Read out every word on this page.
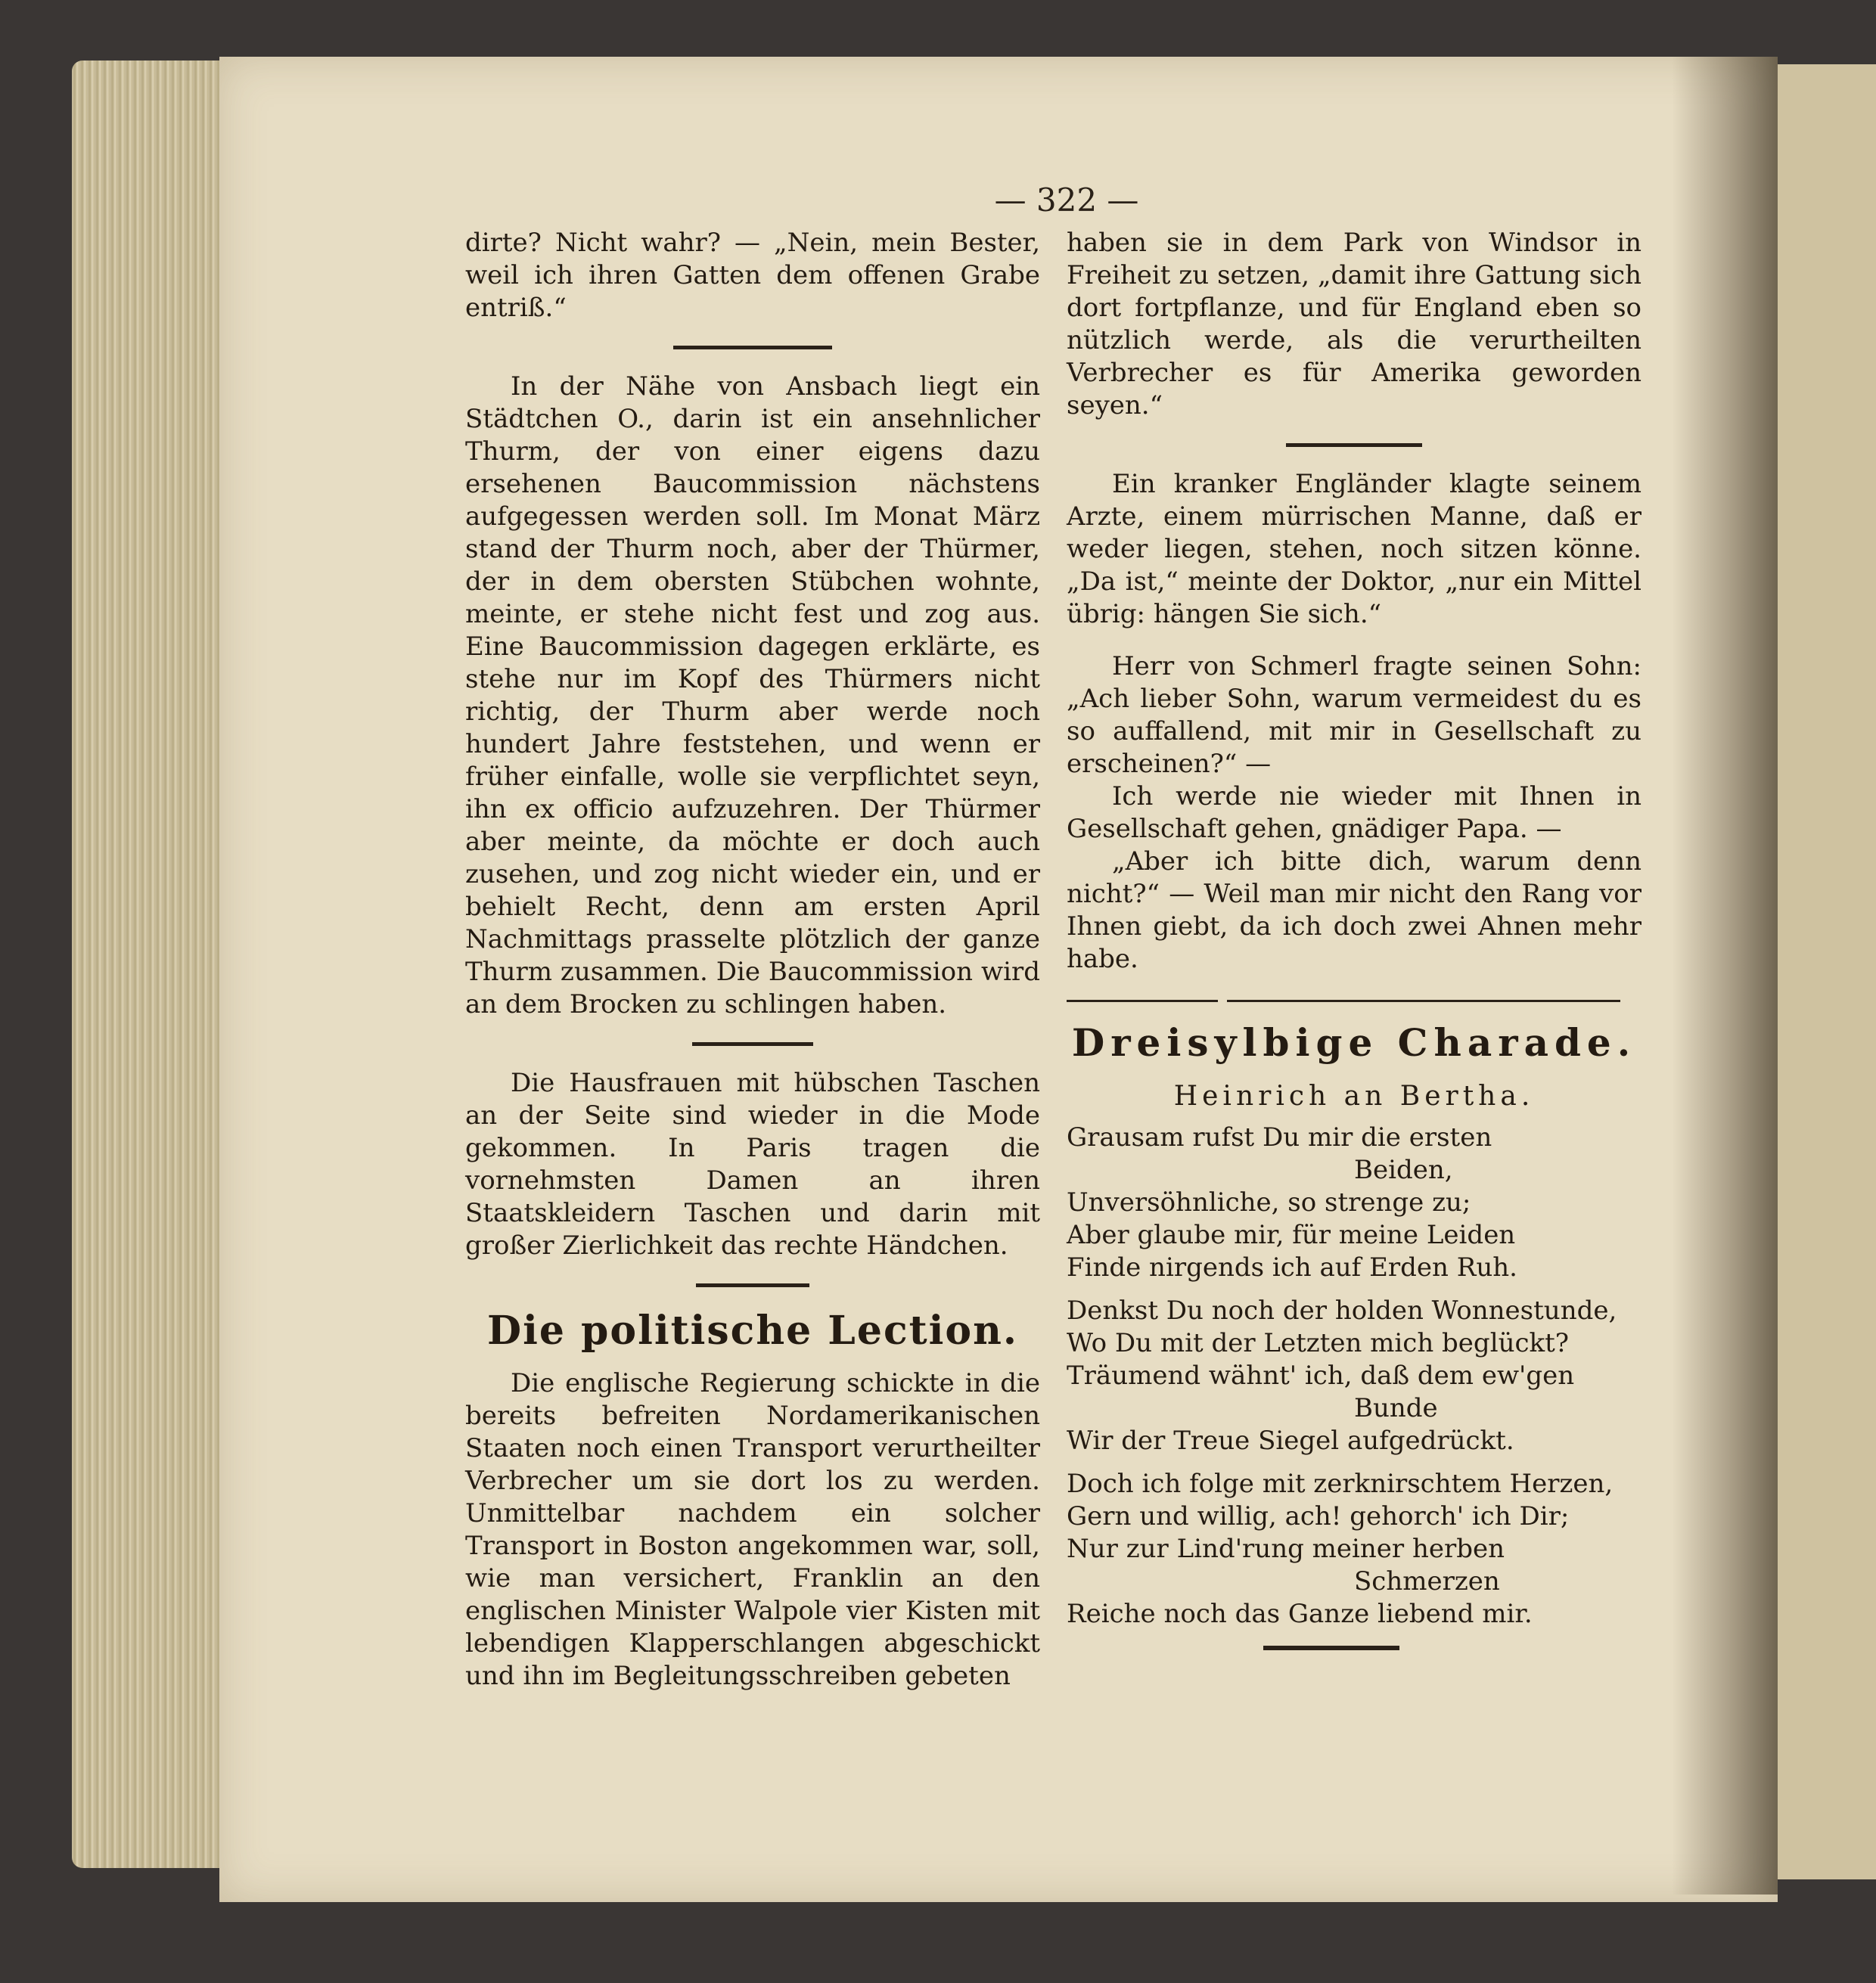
— 322 —

dirte? Nicht wahr? — „Nein, mein Bester, weil ich ihren Gatten dem offenen Grabe entriß.“

In der Nähe von Ansbach liegt ein Städtchen O., darin ist ein ansehnlicher Thurm, der von einer eigens dazu ersehenen Baucommission nächstens aufgegessen werden soll. Im Monat März stand der Thurm noch, aber der Thürmer, der in dem obersten Stübchen wohnte, meinte, er stehe nicht fest und zog aus. Eine Baucommission dagegen erklärte, es stehe nur im Kopf des Thürmers nicht richtig, der Thurm aber werde noch hundert Jahre feststehen, und wenn er früher einfalle, wolle sie verpflichtet seyn, ihn ex officio aufzuzehren. Der Thürmer aber meinte, da möchte er doch auch zusehen, und zog nicht wieder ein, und er behielt Recht, denn am ersten April Nachmittags prasselte plötzlich der ganze Thurm zusammen. Die Baucommission wird an dem Brocken zu schlingen haben.

Die Hausfrauen mit hübschen Taschen an der Seite sind wieder in die Mode gekommen. In Paris tragen die vornehmsten Damen an ihren Staatskleidern Taschen und darin mit großer Zierlichkeit das rechte Händchen.

Die politische Lection.

Die englische Regierung schickte in die bereits befreiten Nordamerikanischen Staaten noch einen Transport verurtheilter Verbrecher um sie dort los zu werden. Unmittelbar nachdem ein solcher Transport in Boston angekommen war, soll, wie man versichert, Franklin an den englischen Minister Walpole vier Kisten mit lebendigen Klapperschlangen abgeschickt und ihn im Begleitungsschreiben gebeten

haben sie in dem Park von Windsor in Freiheit zu setzen, „damit ihre Gattung sich dort fortpflanze, und für England eben so nützlich werde, als die verurtheilten Verbrecher es für Amerika geworden seyen.“

Ein kranker Engländer klagte seinem Arzte, einem mürrischen Manne, daß er weder liegen, stehen, noch sitzen könne. „Da ist,“ meinte der Doktor, „nur ein Mittel übrig: hängen Sie sich.“

Herr von Schmerl fragte seinen Sohn: „Ach lieber Sohn, warum vermeidest du es so auffallend, mit mir in Gesellschaft zu erscheinen?“ —

Ich werde nie wieder mit Ihnen in Gesellschaft gehen, gnädiger Papa. —

„Aber ich bitte dich, warum denn nicht?“ — Weil man mir nicht den Rang vor Ihnen giebt, da ich doch zwei Ahnen mehr habe.

Dreisylbige Charade.
Heinrich an Bertha.

Grausam rufst Du mir die ersten

Beiden,

Unversöhnliche, so strenge zu;

Aber glaube mir, für meine Leiden

Finde nirgends ich auf Erden Ruh.

Denkst Du noch der holden Wonnestunde,

Wo Du mit der Letzten mich beglückt?

Träumend wähnt' ich, daß dem ew'gen

Bunde

Wir der Treue Siegel aufgedrückt.

Doch ich folge mit zerknirschtem Herzen,

Gern und willig, ach! gehorch' ich Dir;

Nur zur Lind'rung meiner herben

Schmerzen

Reiche noch das Ganze liebend mir.
